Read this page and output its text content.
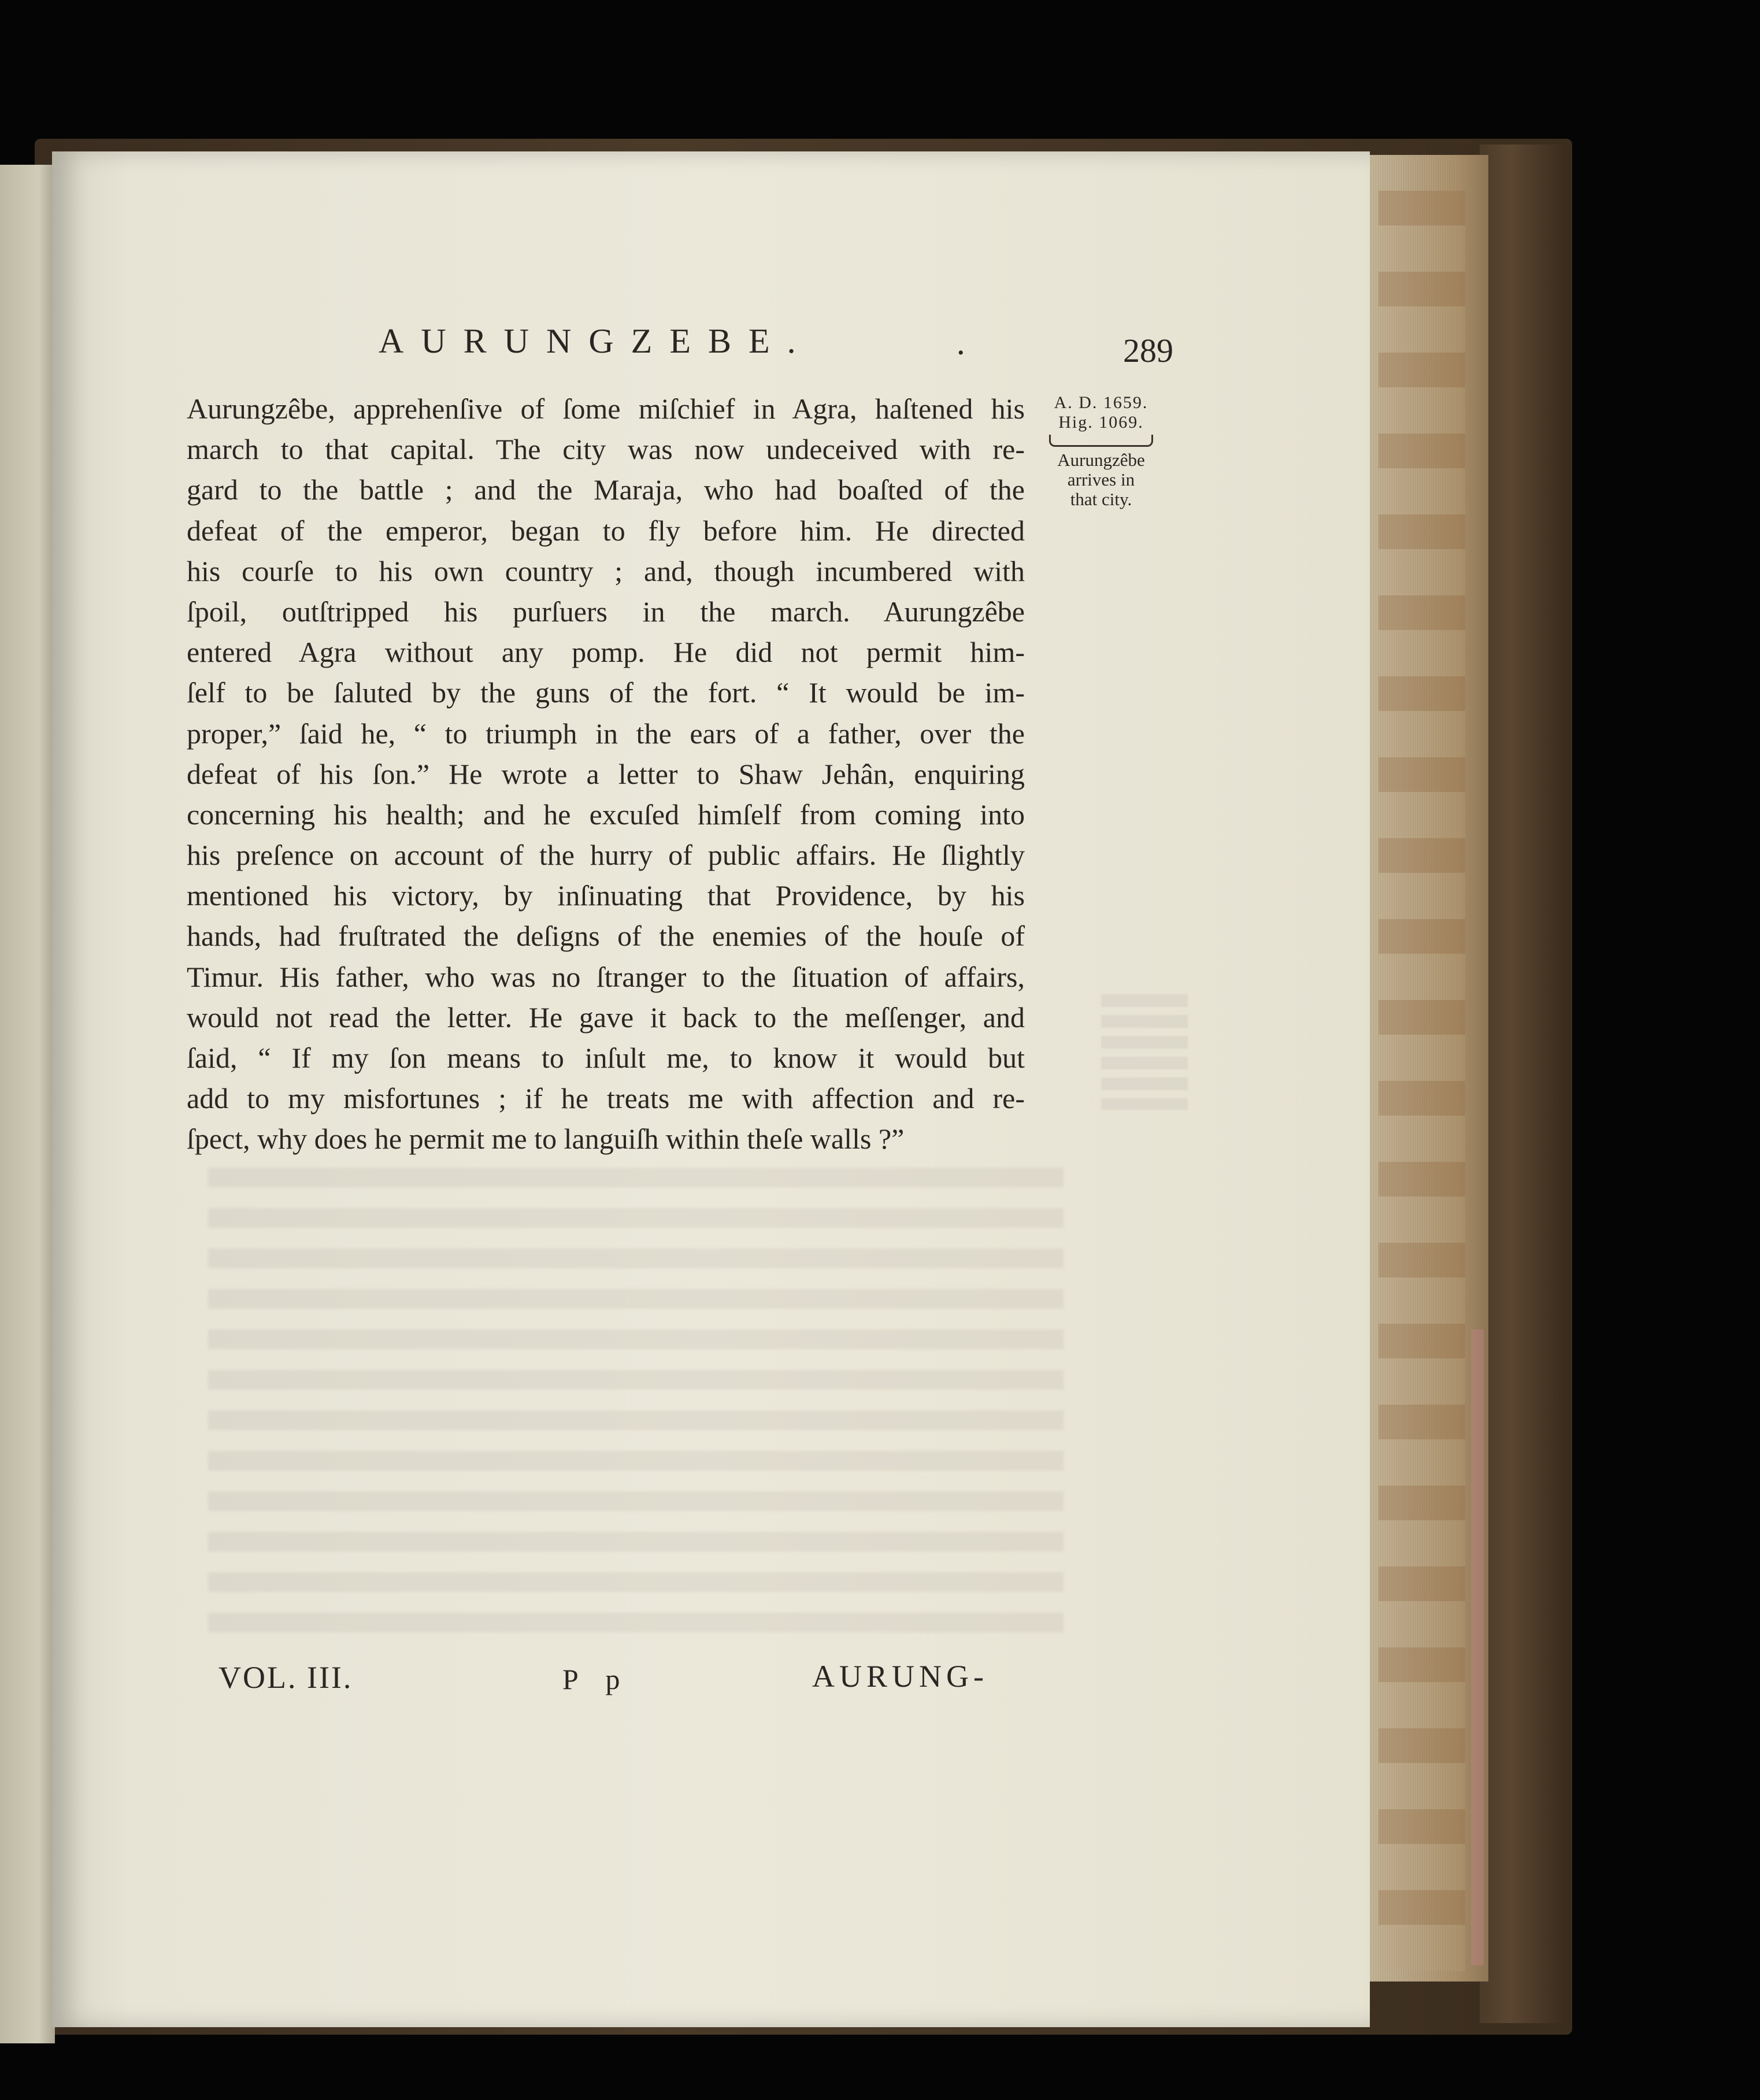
AURUNGZEBE.	•	289
Aurungzêbe, apprehenſive of ſome miſchief in Agra, haſtened his
march to that capital. The city was now undeceived with re-
gard to the battle ; and the Maraja, who had boaſted of the
defeat of the emperor, began to fly before him. He directed
his courſe to his own country ; and, though incumbered with
ſpoil, outſtripped his purſuers in the march. Aurungzêbe
entered Agra without any pomp. He did not permit him-
ſelf to be ſaluted by the guns of the fort. “ It would be im-
proper,” ſaid he, “ to triumph in the ears of a father, over the
defeat of his ſon.” He wrote a letter to Shaw Jehân, enquiring
concerning his health; and he excuſed himſelf from coming into
his preſence on account of the hurry of public affairs. He ſlightly
mentioned his victory, by inſinuating that Providence, by his
hands, had fruſtrated the deſigns of the enemies of the houſe of
Timur. His father, who was no ſtranger to the ſituation of affairs,
would not read the letter. He gave it back to the meſſenger, and
ſaid, “ If my ſon means to inſult me, to know it would but
add to my misfortunes ; if he treats me with affection and re-
ſpect, why does he permit me to languiſh within theſe walls ?”
A. D. 1659.
Hig. 1069.
Aurungzêbe
arrives in
that city.
VOL. III.	P p	AURUNG-
